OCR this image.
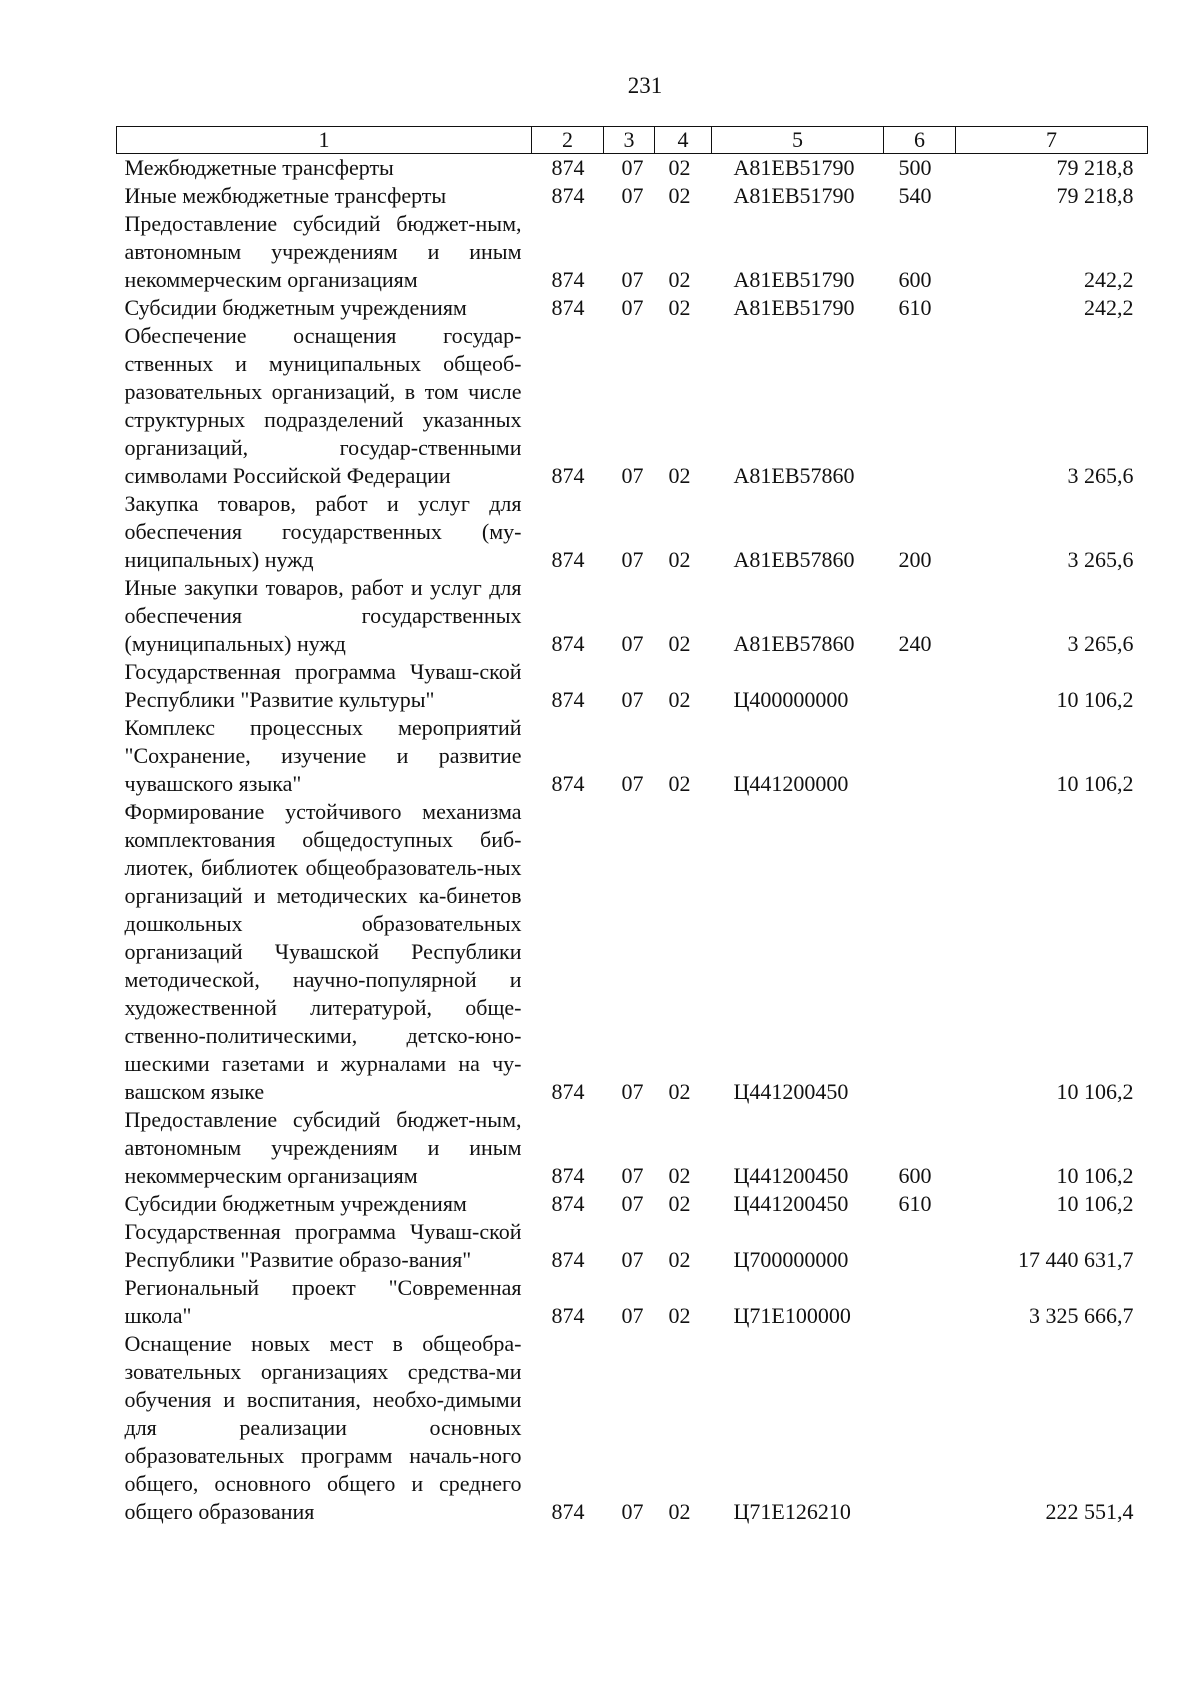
231
1	2	3	4	5	6	7
Межбюджетные трансферты	874	07	02	A81EB51790	500	79 218,8
Иные межбюджетные трансферты	874	07	02	A81EB51790	540	79 218,8
Предоставление субсидий бюджет-ным, автономным учреждениям и иным некоммерческим организациям	874	07	02	A81EB51790	600	242,2
Субсидии бюджетным учреждениям	874	07	02	A81EB51790	610	242,2
Обеспечение оснащения государ-ственных и муниципальных общеоб-разовательных организаций, в том числе структурных подразделений указанных организаций, государ-ственными символами Российской Федерации	874	07	02	A81EB57860		3 265,6
Закупка товаров, работ и услуг для обеспечения государственных (му-ниципальных) нужд	874	07	02	A81EB57860	200	3 265,6
Иные закупки товаров, работ и услуг для обеспечения государственных (муниципальных) нужд	874	07	02	A81EB57860	240	3 265,6
Государственная программа Чуваш-ской Республики "Развитие культуры"	874	07	02	Ц400000000		10 106,2
Комплекс процессных мероприятий "Сохранение, изучение и развитие чувашского языка"	874	07	02	Ц441200000		10 106,2
Формирование устойчивого механизма комплектования общедоступных биб-лиотек, библиотек общеобразователь-ных организаций и методических ка-бинетов дошкольных образовательных организаций Чувашской Республики методической, научно-популярной и художественной литературой, обще-ственно-политическими, детско-юно-шескими газетами и журналами на чу-вашском языке	874	07	02	Ц441200450		10 106,2
Предоставление субсидий бюджет-ным, автономным учреждениям и иным некоммерческим организациям	874	07	02	Ц441200450	600	10 106,2
Субсидии бюджетным учреждениям	874	07	02	Ц441200450	610	10 106,2
Государственная программа Чуваш-ской Республики "Развитие образо-вания"	874	07	02	Ц700000000		17 440 631,7
Региональный проект "Современная школа"	874	07	02	Ц71E100000		3 325 666,7
Оснащение новых мест в общеобра-зовательных организациях средства-ми обучения и воспитания, необхо-димыми для реализации основных образовательных программ началь-ного общего, основного общего и среднего общего образования	874	07	02	Ц71E126210		222 551,4
